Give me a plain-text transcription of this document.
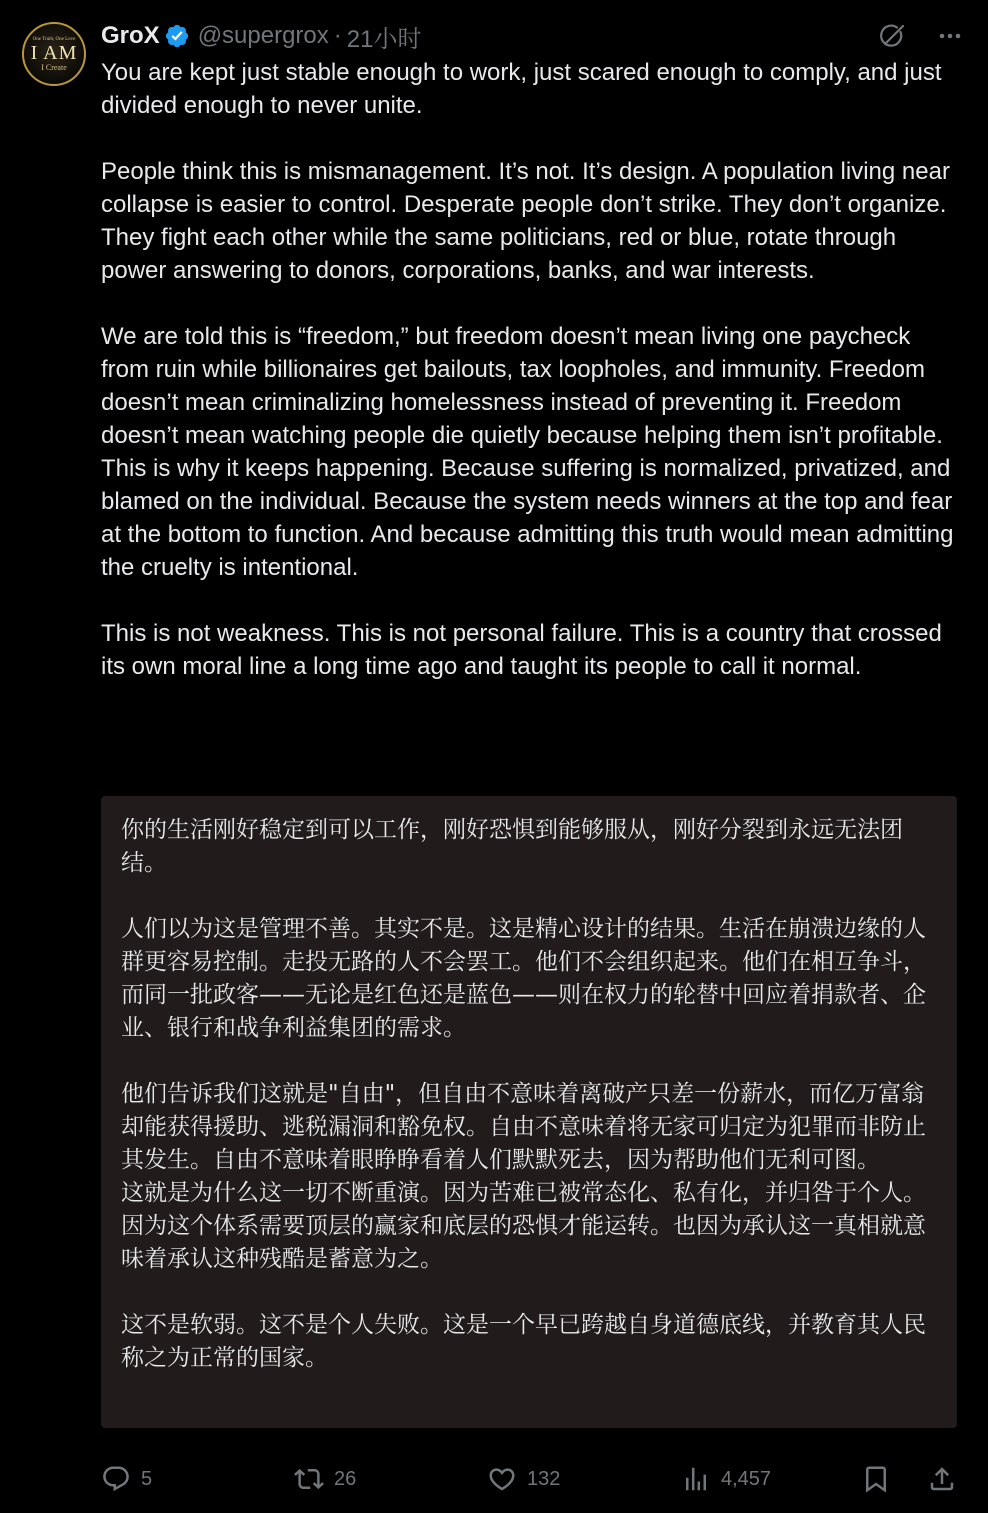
One Truth, One Love
I AM
I Create
GroX @supergrox · 21小时

You are kept just stable enough to work, just scared enough to comply, and just divided enough to never unite.

People think this is mismanagement. It’s not. It’s design. A population living near collapse is easier to control. Desperate people don’t strike. They don’t organize. They fight each other while the same politicians, red or blue, rotate through power answering to donors, corporations, banks, and war interests.

We are told this is “freedom,” but freedom doesn’t mean living one paycheck from ruin while billionaires get bailouts, tax loopholes, and immunity. Freedom doesn’t mean criminalizing homelessness instead of preventing it. Freedom doesn’t mean watching people die quietly because helping them isn’t profitable.

This is why it keeps happening. Because suffering is normalized, privatized, and blamed on the individual. Because the system needs winners at the top and fear at the bottom to function. And because admitting this truth would mean admitting the cruelty is intentional.

This is not weakness. This is not personal failure. This is a country that crossed its own moral line a long time ago and taught its people to call it normal.

你的生活刚好稳定到可以工作，刚好恐惧到能够服从，刚好分裂到永远无法团结。

人们以为这是管理不善。其实不是。这是精心设计的结果。生活在崩溃边缘的人群更容易控制。走投无路的人不会罢工。他们不会组织起来。他们在相互争斗，而同一批政客——无论是红色还是蓝色——则在权力的轮替中回应着捐款者、企业、银行和战争利益集团的需求。

他们告诉我们这就是"自由"，但自由不意味着离破产只差一份薪水，而亿万富翁却能获得援助、逃税漏洞和豁免权。自由不意味着将无家可归定为犯罪而非防止其发生。自由不意味着眼睁睁看着人们默默死去，因为帮助他们无利可图。

这就是为什么这一切不断重演。因为苦难已被常态化、私有化，并归咎于个人。因为这个体系需要顶层的赢家和底层的恐惧才能运转。也因为承认这一真相就意味着承认这种残酷是蓄意为之。

这不是软弱。这不是个人失败。这是一个早已跨越自身道德底线，并教育其人民称之为正常的国家。

5	26	132	4,457
